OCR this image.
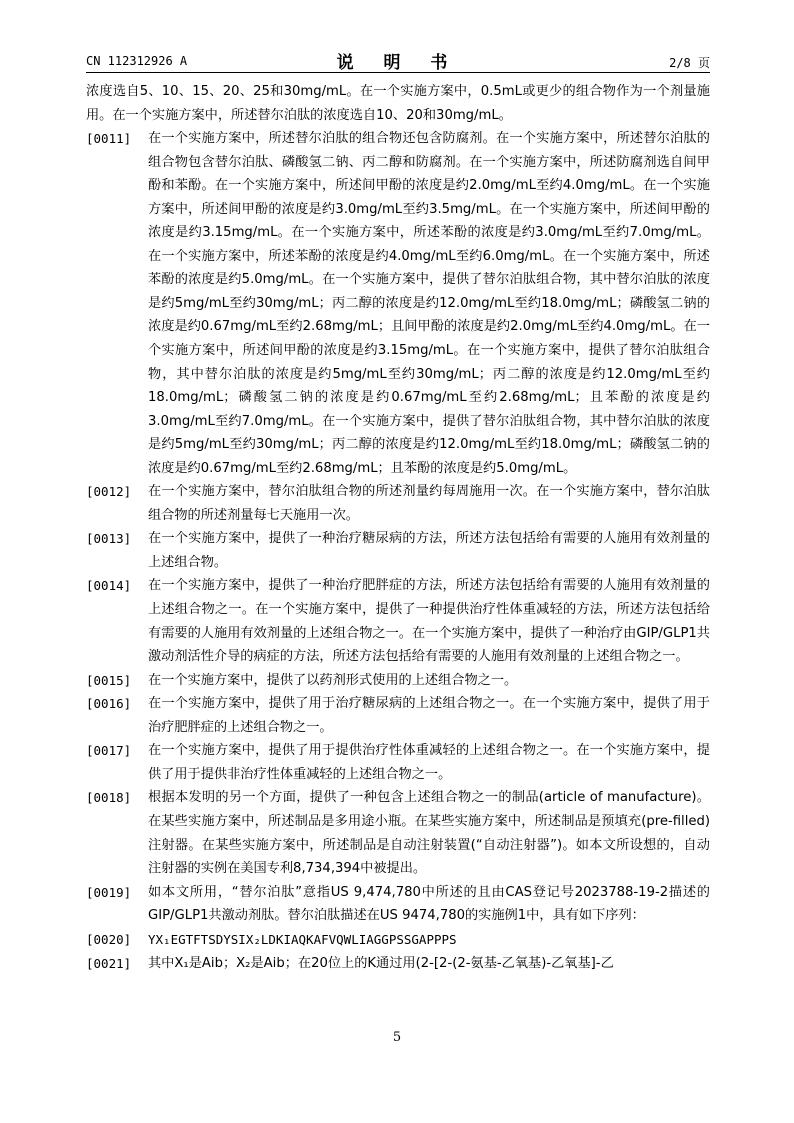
CN 112312926 A	说 明 书	2/8 页

浓度选自5、10、15、20、25和30mg/mL。在一个实施方案中，0.5mL或更少的组合物作为一个剂量施用。在一个实施方案中，所述替尔泊肽的浓度选自10、20和30mg/mL。

[0011] 在一个实施方案中，所述替尔泊肽的组合物还包含防腐剂。在一个实施方案中，所述替尔泊肽的组合物包含替尔泊肽、磷酸氢二钠、丙二醇和防腐剂。在一个实施方案中，所述防腐剂选自间甲酚和苯酚。在一个实施方案中，所述间甲酚的浓度是约2.0mg/mL至约4.0mg/mL。在一个实施方案中，所述间甲酚的浓度是约3.0mg/mL至约3.5mg/mL。在一个实施方案中，所述间甲酚的浓度是约3.15mg/mL。在一个实施方案中，所述苯酚的浓度是约3.0mg/mL至约7.0mg/mL。在一个实施方案中，所述苯酚的浓度是约4.0mg/mL至约6.0mg/mL。在一个实施方案中，所述苯酚的浓度是约5.0mg/mL。在一个实施方案中，提供了替尔泊肽组合物，其中替尔泊肽的浓度是约5mg/mL至约30mg/mL；丙二醇的浓度是约12.0mg/mL至约18.0mg/mL；磷酸氢二钠的浓度是约0.67mg/mL至约2.68mg/mL；且间甲酚的浓度是约2.0mg/mL至约4.0mg/mL。在一个实施方案中，所述间甲酚的浓度是约3.15mg/mL。在一个实施方案中，提供了替尔泊肽组合物，其中替尔泊肽的浓度是约5mg/mL至约30mg/mL；丙二醇的浓度是约12.0mg/mL至约18.0mg/mL；磷酸氢二钠的浓度是约0.67mg/mL至约2.68mg/mL；且苯酚的浓度是约3.0mg/mL至约7.0mg/mL。在一个实施方案中，提供了替尔泊肽组合物，其中替尔泊肽的浓度是约5mg/mL至约30mg/mL；丙二醇的浓度是约12.0mg/mL至约18.0mg/mL；磷酸氢二钠的浓度是约0.67mg/mL至约2.68mg/mL；且苯酚的浓度是约5.0mg/mL。

[0012] 在一个实施方案中，替尔泊肽组合物的所述剂量约每周施用一次。在一个实施方案中，替尔泊肽组合物的所述剂量每七天施用一次。

[0013] 在一个实施方案中，提供了一种治疗糖尿病的方法，所述方法包括给有需要的人施用有效剂量的上述组合物。

[0014] 在一个实施方案中，提供了一种治疗肥胖症的方法，所述方法包括给有需要的人施用有效剂量的上述组合物之一。在一个实施方案中，提供了一种提供治疗性体重减轻的方法，所述方法包括给有需要的人施用有效剂量的上述组合物之一。在一个实施方案中，提供了一种治疗由GIP/GLP1共激动剂活性介导的病症的方法，所述方法包括给有需要的人施用有效剂量的上述组合物之一。

[0015] 在一个实施方案中，提供了以药剂形式使用的上述组合物之一。

[0016] 在一个实施方案中，提供了用于治疗糖尿病的上述组合物之一。在一个实施方案中，提供了用于治疗肥胖症的上述组合物之一。

[0017] 在一个实施方案中，提供了用于提供治疗性体重减轻的上述组合物之一。在一个实施方案中，提供了用于提供非治疗性体重减轻的上述组合物之一。

[0018] 根据本发明的另一个方面，提供了一种包含上述组合物之一的制品(article of manufacture)。在某些实施方案中，所述制品是多用途小瓶。在某些实施方案中，所述制品是预填充(pre-filled)注射器。在某些实施方案中，所述制品是自动注射装置(“自动注射器”)。如本文所设想的，自动注射器的实例在美国专利8,734,394中被提出。

[0019] 如本文所用，“替尔泊肽”意指US 9,474,780中所述的且由CAS登记号2023788-19-2描述的GIP/GLP1共激动剂肽。替尔泊肽描述在US 9474,780的实施例1中，具有如下序列：

[0020] YX₁EGTFTSDYSIX₂LDKIAQKAFVQWLIAGGPSSGAPPPS

[0021] 其中X₁是Aib；X₂是Aib；在20位上的K通过用(2-[2-(2-氨基-乙氧基)-乙氧基]-乙

5
